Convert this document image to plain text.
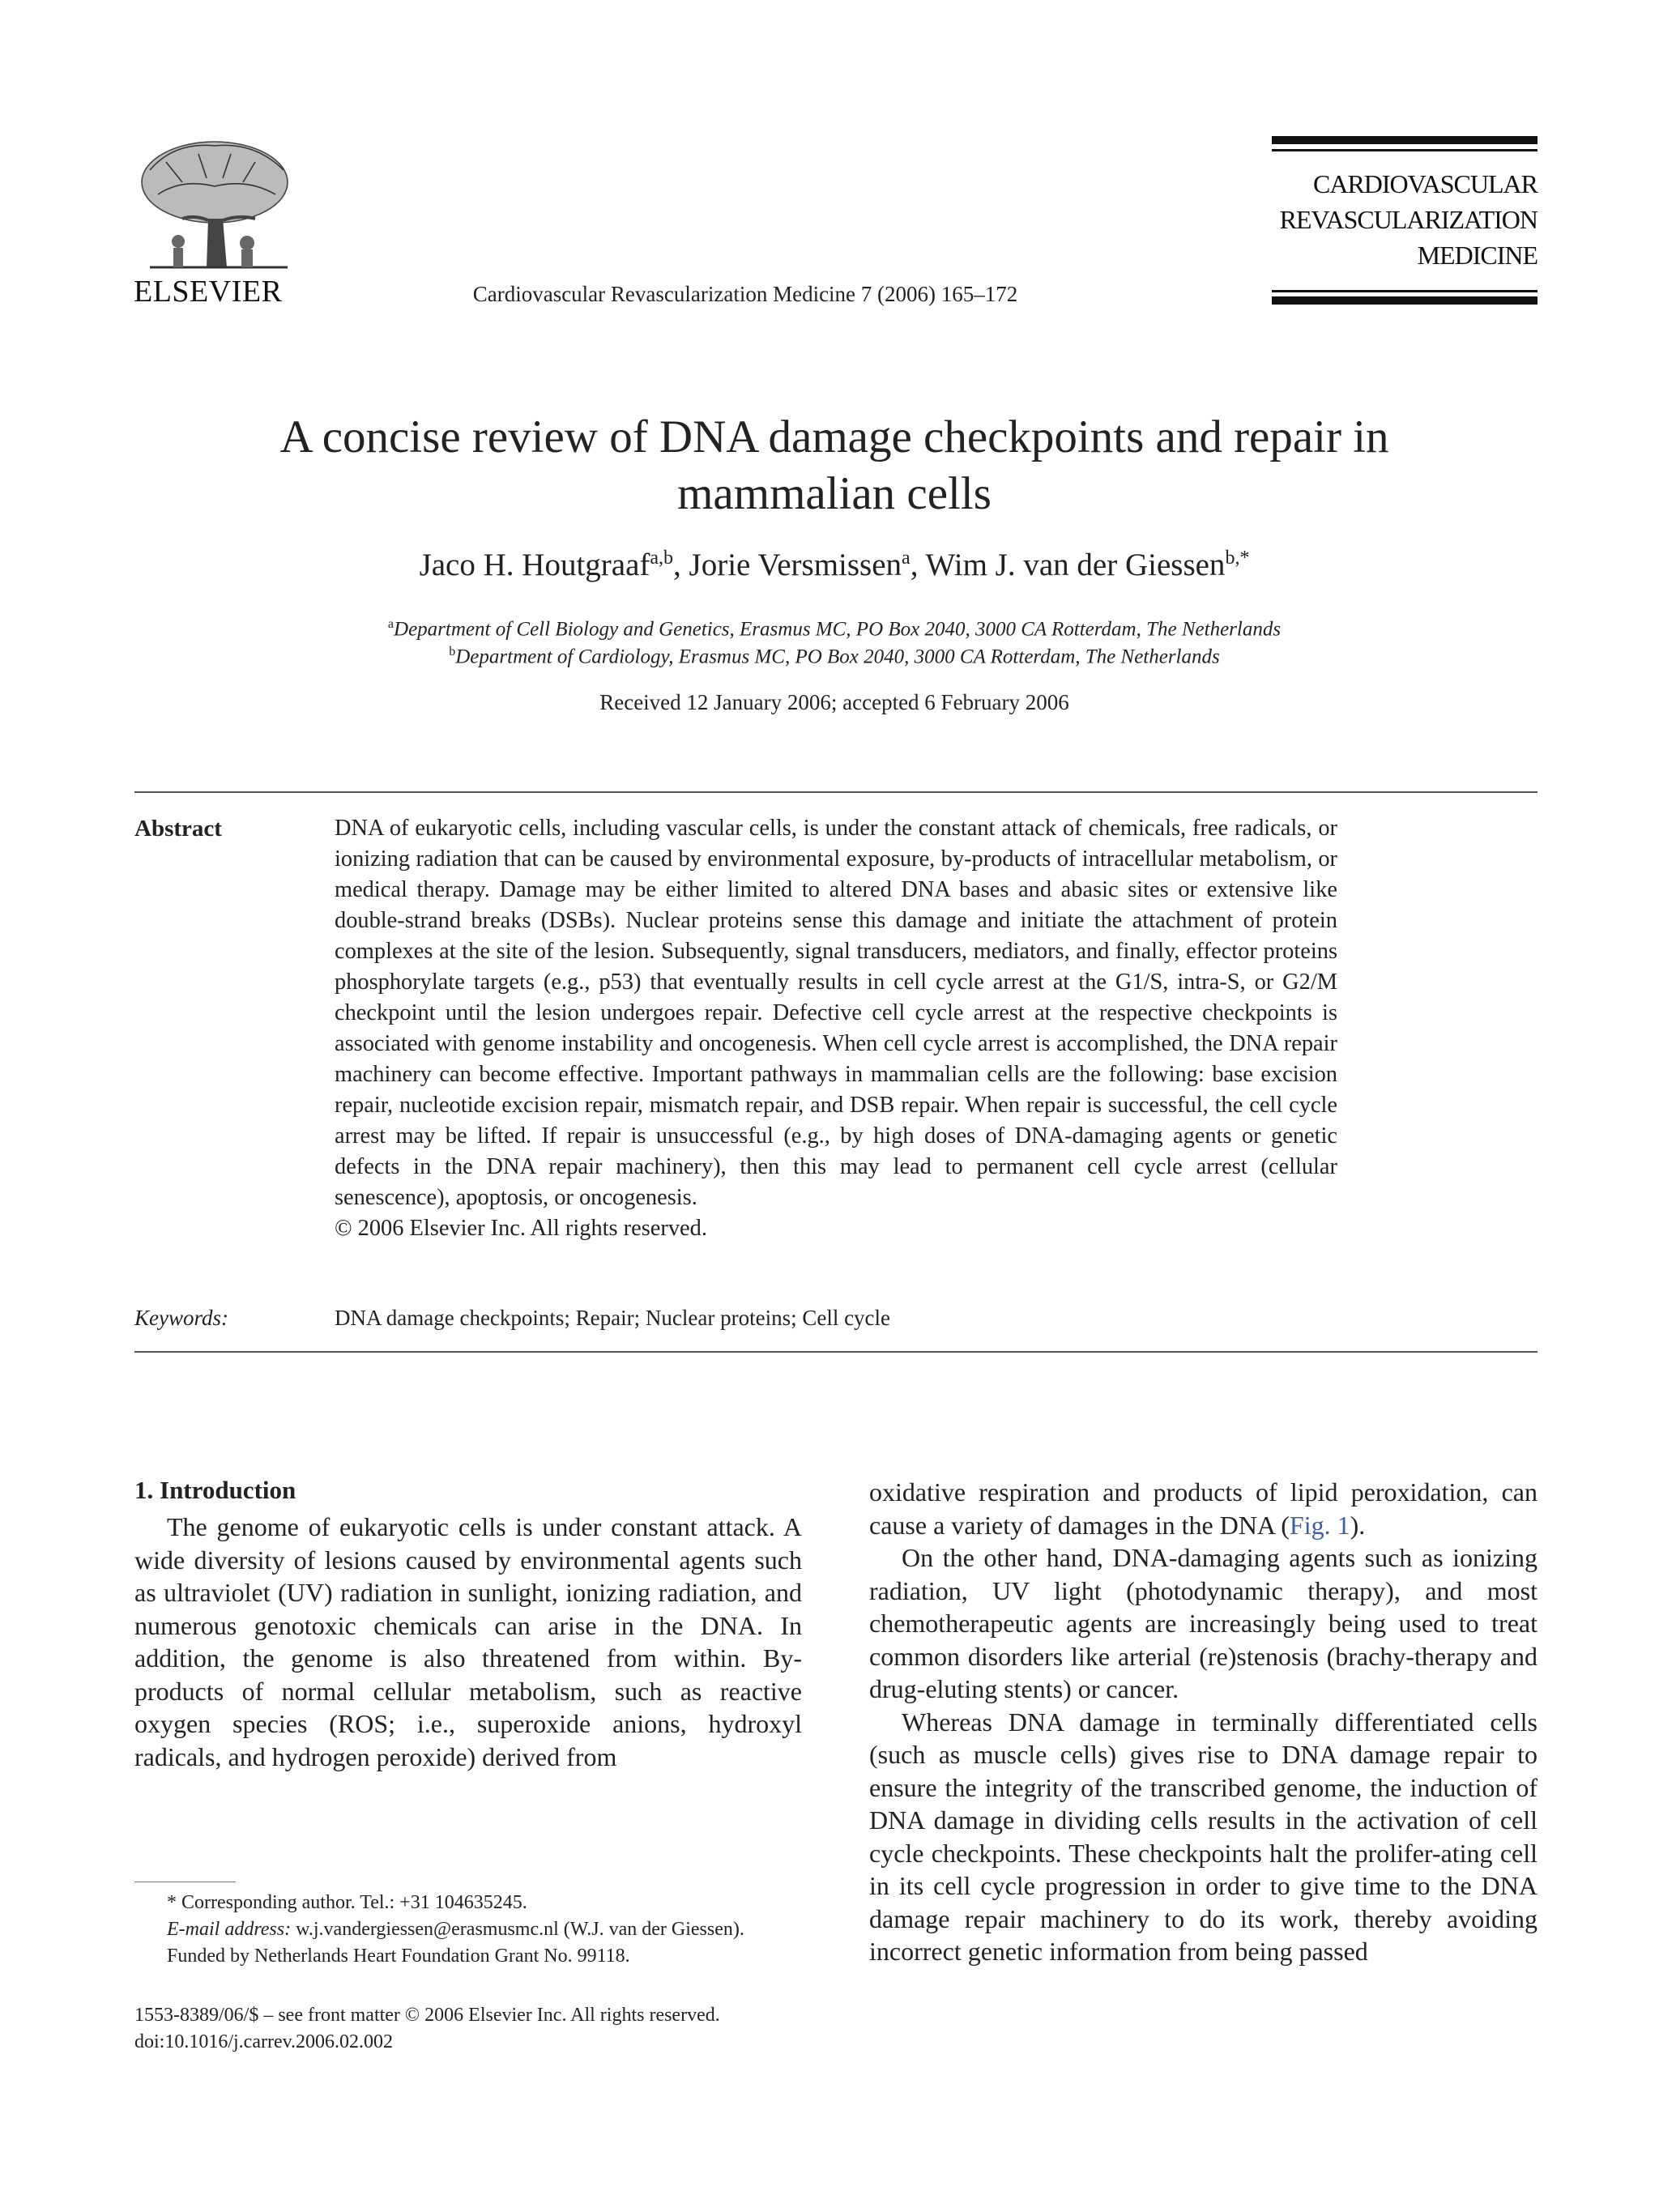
ELSEVIER	Cardiovascular Revascularization Medicine 7 (2006) 165–172
CARDIOVASCULAR
REVASCULARIZATION
MEDICINE
A concise review of DNA damage checkpoints and repair in mammalian cells
Jaco H. Houtgraaf$^{a,b}$, Jorie Versmissen$^a$, Wim J. van der Giessen$^{b,*}$
$^a$Department of Cell Biology and Genetics, Erasmus MC, PO Box 2040, 3000 CA Rotterdam, The Netherlands
$^b$Department of Cardiology, Erasmus MC, PO Box 2040, 3000 CA Rotterdam, The Netherlands
Received 12 January 2006; accepted 6 February 2006
Abstract	DNA of eukaryotic cells, including vascular cells, is under the constant attack of chemicals, free radicals, or ionizing radiation that can be caused by environmental exposure, by-products of intracellular metabolism, or medical therapy. Damage may be either limited to altered DNA bases and abasic sites or extensive like double-strand breaks (DSBs). Nuclear proteins sense this damage and initiate the attachment of protein complexes at the site of the lesion. Subsequently, signal transducers, mediators, and finally, effector proteins phosphorylate targets (e.g., p53) that eventually results in cell cycle arrest at the G1/S, intra-S, or G2/M checkpoint until the lesion undergoes repair. Defective cell cycle arrest at the respective checkpoints is associated with genome instability and oncogenesis. When cell cycle arrest is accomplished, the DNA repair machinery can become effective. Important pathways in mammalian cells are the following: base excision repair, nucleotide excision repair, mismatch repair, and DSB repair. When repair is successful, the cell cycle arrest may be lifted. If repair is unsuccessful (e.g., by high doses of DNA-damaging agents or genetic defects in the DNA repair machinery), then this may lead to permanent cell cycle arrest (cellular senescence), apoptosis, or oncogenesis.
© 2006 Elsevier Inc. All rights reserved.
Keywords:	DNA damage checkpoints; Repair; Nuclear proteins; Cell cycle
1. Introduction

The genome of eukaryotic cells is under constant attack. A wide diversity of lesions caused by environmental agents such as ultraviolet (UV) radiation in sunlight, ionizing radiation, and numerous genotoxic chemicals can arise in the DNA. In addition, the genome is also threatened from within. By-products of normal cellular metabolism, such as reactive oxygen species (ROS; i.e., superoxide anions, hydroxyl radicals, and hydrogen peroxide) derived from

oxidative respiration and products of lipid peroxidation, can cause a variety of damages in the DNA (Fig. 1).

On the other hand, DNA-damaging agents such as ionizing radiation, UV light (photodynamic therapy), and most chemotherapeutic agents are increasingly being used to treat common disorders like arterial (re)stenosis (brachy-therapy and drug-eluting stents) or cancer.

Whereas DNA damage in terminally differentiated cells (such as muscle cells) gives rise to DNA damage repair to ensure the integrity of the transcribed genome, the induction of DNA damage in dividing cells results in the activation of cell cycle checkpoints. These checkpoints halt the prolifer-ating cell in its cell cycle progression in order to give time to the DNA damage repair machinery to do its work, thereby avoiding incorrect genetic information from being passed

* Corresponding author. Tel.: +31 104635245.
E-mail address: w.j.vandergiessen@erasmusmc.nl (W.J. van der Giessen).
Funded by Netherlands Heart Foundation Grant No. 99118.
1553-8389/06/$ – see front matter © 2006 Elsevier Inc. All rights reserved.
doi:10.1016/j.carrev.2006.02.002
